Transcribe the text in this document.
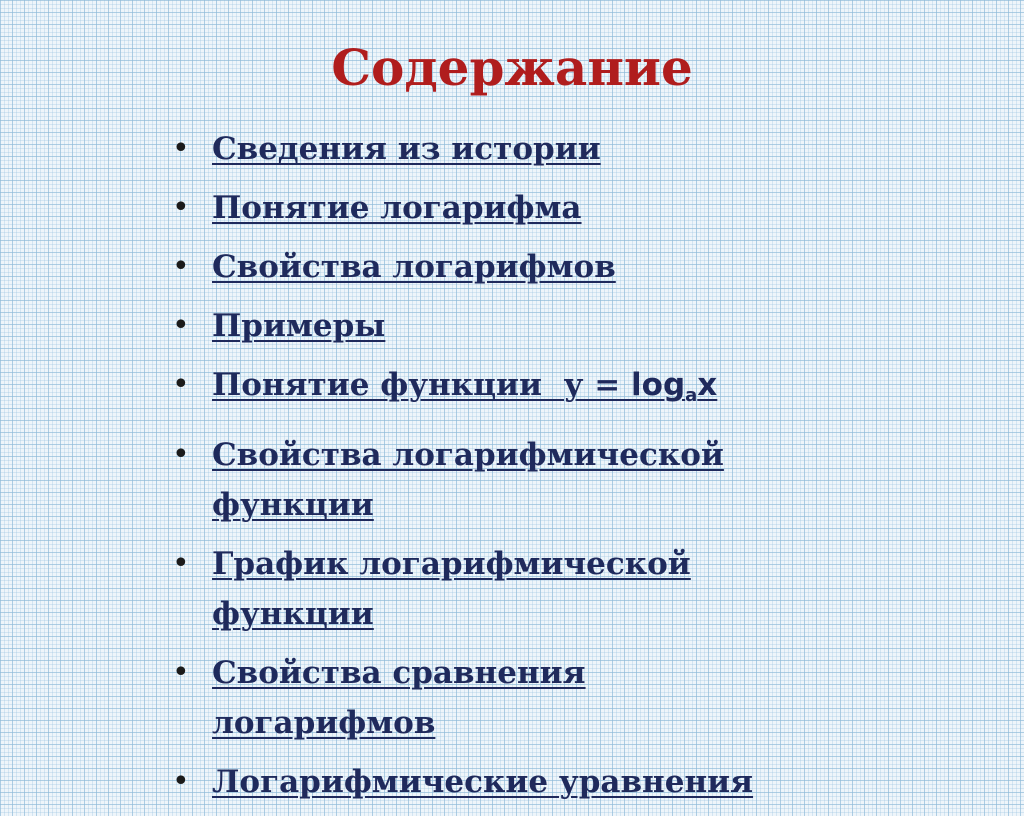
Содержание
• Сведения из истории
• Понятие логарифма
• Свойства логарифмов
• Примеры
• Понятие функции  $у = \log_ax$
• Свойства логарифмической
функции
• График логарифмической
функции
• Свойства сравнения
логарифмов
• Логарифмические уравнения
